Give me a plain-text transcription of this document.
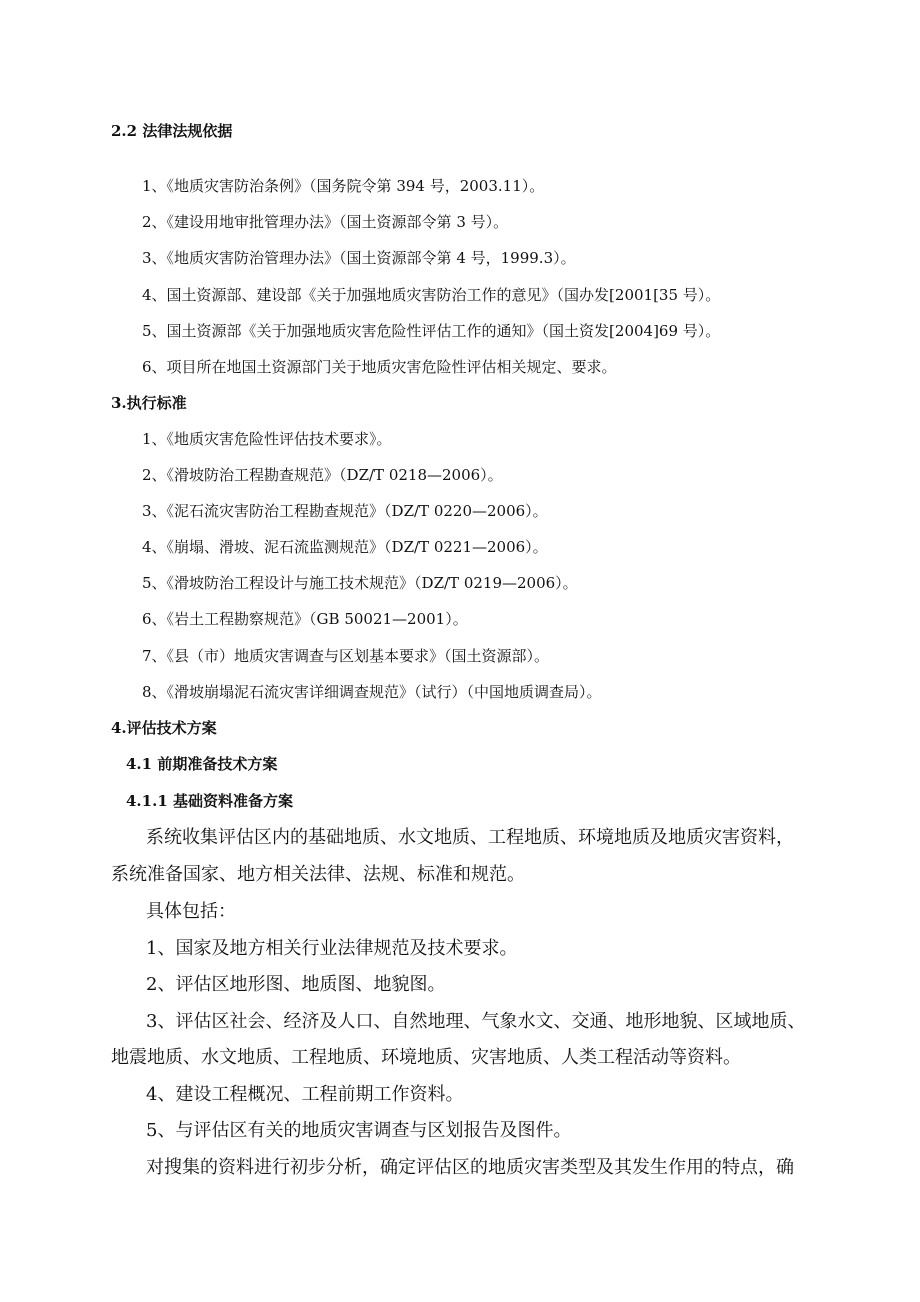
2.2 法律法规依据
1、《地质灾害防治条例》（国务院令第 394 号，2003.11）。
2、《建设用地审批管理办法》（国土资源部令第 3 号）。
3、《地质灾害防治管理办法》（国土资源部令第 4 号，1999.3）。
4、国土资源部、建设部《关于加强地质灾害防治工作的意见》（国办发[2001[35 号）。
5、国土资源部《关于加强地质灾害危险性评估工作的通知》（国土资发[2004]69 号）。
6、项目所在地国土资源部门关于地质灾害危险性评估相关规定、要求。
3.执行标准
1、《地质灾害危险性评估技术要求》。
2、《滑坡防治工程勘查规范》（DZ/T 0218—2006）。
3、《泥石流灾害防治工程勘查规范》（DZ/T 0220—2006）。
4、《崩塌、滑坡、泥石流监测规范》（DZ/T 0221—2006）。
5、《滑坡防治工程设计与施工技术规范》（DZ/T 0219—2006）。
6、《岩土工程勘察规范》（GB 50021—2001）。
7、《县（市）地质灾害调查与区划基本要求》（国土资源部）。
8、《滑坡崩塌泥石流灾害详细调查规范》（试行）（中国地质调查局）。
4.评估技术方案
4.1 前期准备技术方案
4.1.1 基础资料准备方案
系统收集评估区内的基础地质、水文地质、工程地质、环境地质及地质灾害资料，
系统准备国家、地方相关法律、法规、标准和规范。
具体包括：
1、国家及地方相关行业法律规范及技术要求。
2、评估区地形图、地质图、地貌图。
3、评估区社会、经济及人口、自然地理、气象水文、交通、地形地貌、区域地质、
地震地质、水文地质、工程地质、环境地质、灾害地质、人类工程活动等资料。
4、建设工程概况、工程前期工作资料。
5、与评估区有关的地质灾害调查与区划报告及图件。
对搜集的资料进行初步分析，确定评估区的地质灾害类型及其发生作用的特点，确
